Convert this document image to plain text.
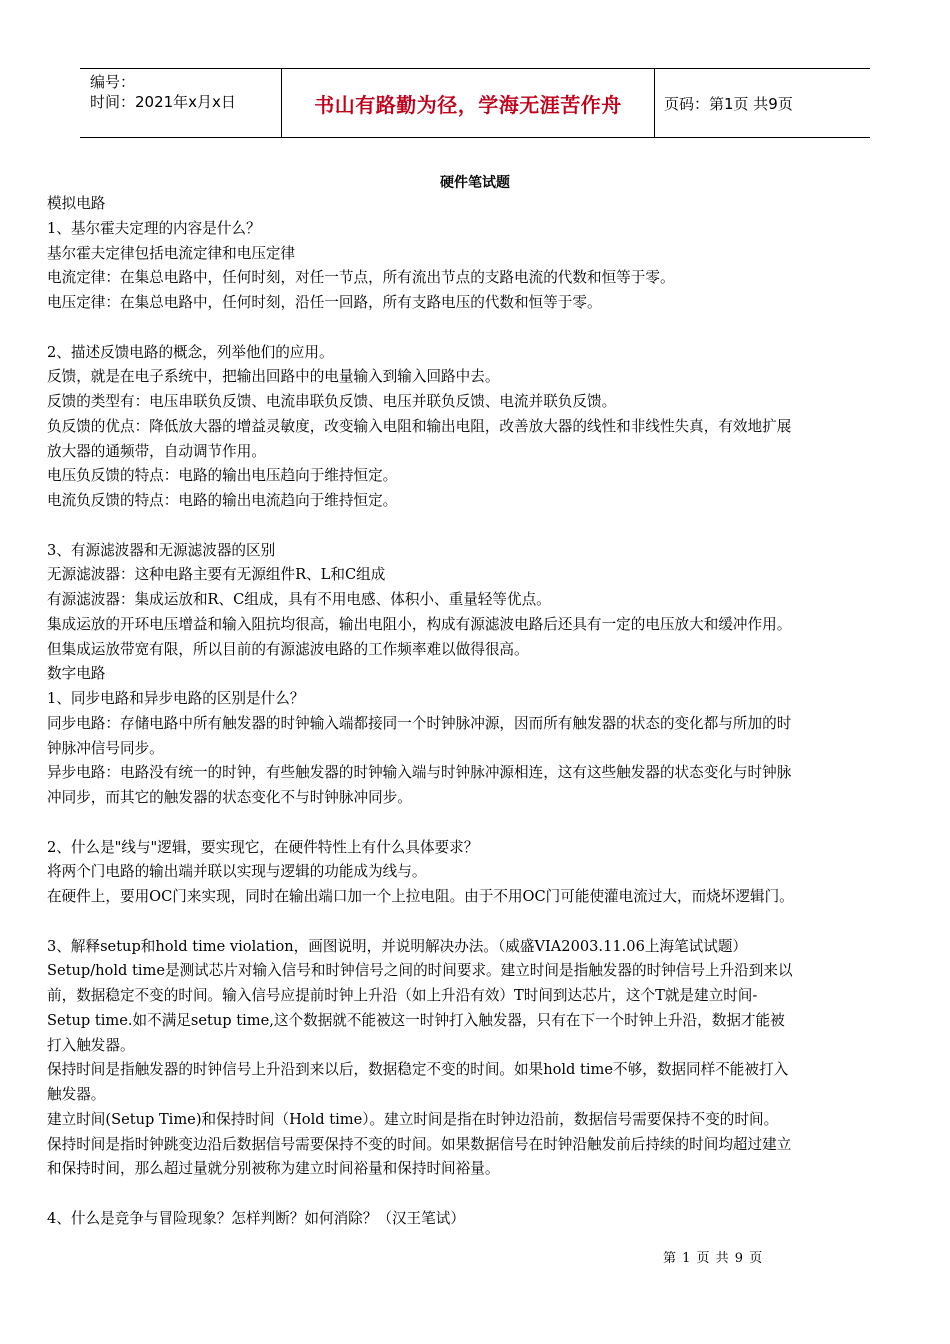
编号：
时间：2021年x月x日	书山有路勤为径，学海无涯苦作舟	页码：第1页 共9页
硬件笔试题

模拟电路

1、基尔霍夫定理的内容是什么？

基尔霍夫定律包括电流定律和电压定律

电流定律：在集总电路中，任何时刻，对任一节点，所有流出节点的支路电流的代数和恒等于零。

电压定律：在集总电路中，任何时刻，沿任一回路，所有支路电压的代数和恒等于零。

2、描述反馈电路的概念，列举他们的应用。

反馈，就是在电子系统中，把输出回路中的电量输入到输入回路中去。

反馈的类型有：电压串联负反馈、电流串联负反馈、电压并联负反馈、电流并联负反馈。

负反馈的优点：降低放大器的增益灵敏度，改变输入电阻和输出电阻，改善放大器的线性和非线性失真，有效地扩展

放大器的通频带，自动调节作用。

电压负反馈的特点：电路的输出电压趋向于维持恒定。

电流负反馈的特点：电路的输出电流趋向于维持恒定。

3、有源滤波器和无源滤波器的区别

无源滤波器：这种电路主要有无源组件R、L和C组成

有源滤波器：集成运放和R、C组成，具有不用电感、体积小、重量轻等优点。

集成运放的开环电压增益和输入阻抗均很高，输出电阻小，构成有源滤波电路后还具有一定的电压放大和缓冲作用。

但集成运放带宽有限，所以目前的有源滤波电路的工作频率难以做得很高。

数字电路

1、同步电路和异步电路的区别是什么？

同步电路：存储电路中所有触发器的时钟输入端都接同一个时钟脉冲源，因而所有触发器的状态的变化都与所加的时

钟脉冲信号同步。

异步电路：电路没有统一的时钟，有些触发器的时钟输入端与时钟脉冲源相连，这有这些触发器的状态变化与时钟脉

冲同步，而其它的触发器的状态变化不与时钟脉冲同步。

2、什么是"线与"逻辑，要实现它，在硬件特性上有什么具体要求？

将两个门电路的输出端并联以实现与逻辑的功能成为线与。

在硬件上，要用OC门来实现，同时在输出端口加一个上拉电阻。由于不用OC门可能使灌电流过大，而烧坏逻辑门。

3、解释setup和hold time violation，画图说明，并说明解决办法。（威盛VIA2003.11.06上海笔试试题）

Setup/hold time是测试芯片对输入信号和时钟信号之间的时间要求。建立时间是指触发器的时钟信号上升沿到来以

前，数据稳定不变的时间。输入信号应提前时钟上升沿（如上升沿有效）T时间到达芯片，这个T就是建立时间-

Setup time.如不满足setup time,这个数据就不能被这一时钟打入触发器，只有在下一个时钟上升沿，数据才能被

打入触发器。

保持时间是指触发器的时钟信号上升沿到来以后，数据稳定不变的时间。如果hold time不够，数据同样不能被打入

触发器。

建立时间(Setup Time)和保持时间（Hold time）。建立时间是指在时钟边沿前，数据信号需要保持不变的时间。

保持时间是指时钟跳变边沿后数据信号需要保持不变的时间。如果数据信号在时钟沿触发前后持续的时间均超过建立

和保持时间，那么超过量就分别被称为建立时间裕量和保持时间裕量。

4、什么是竞争与冒险现象？怎样判断？如何消除？（汉王笔试）

第 1 页 共 9 页
